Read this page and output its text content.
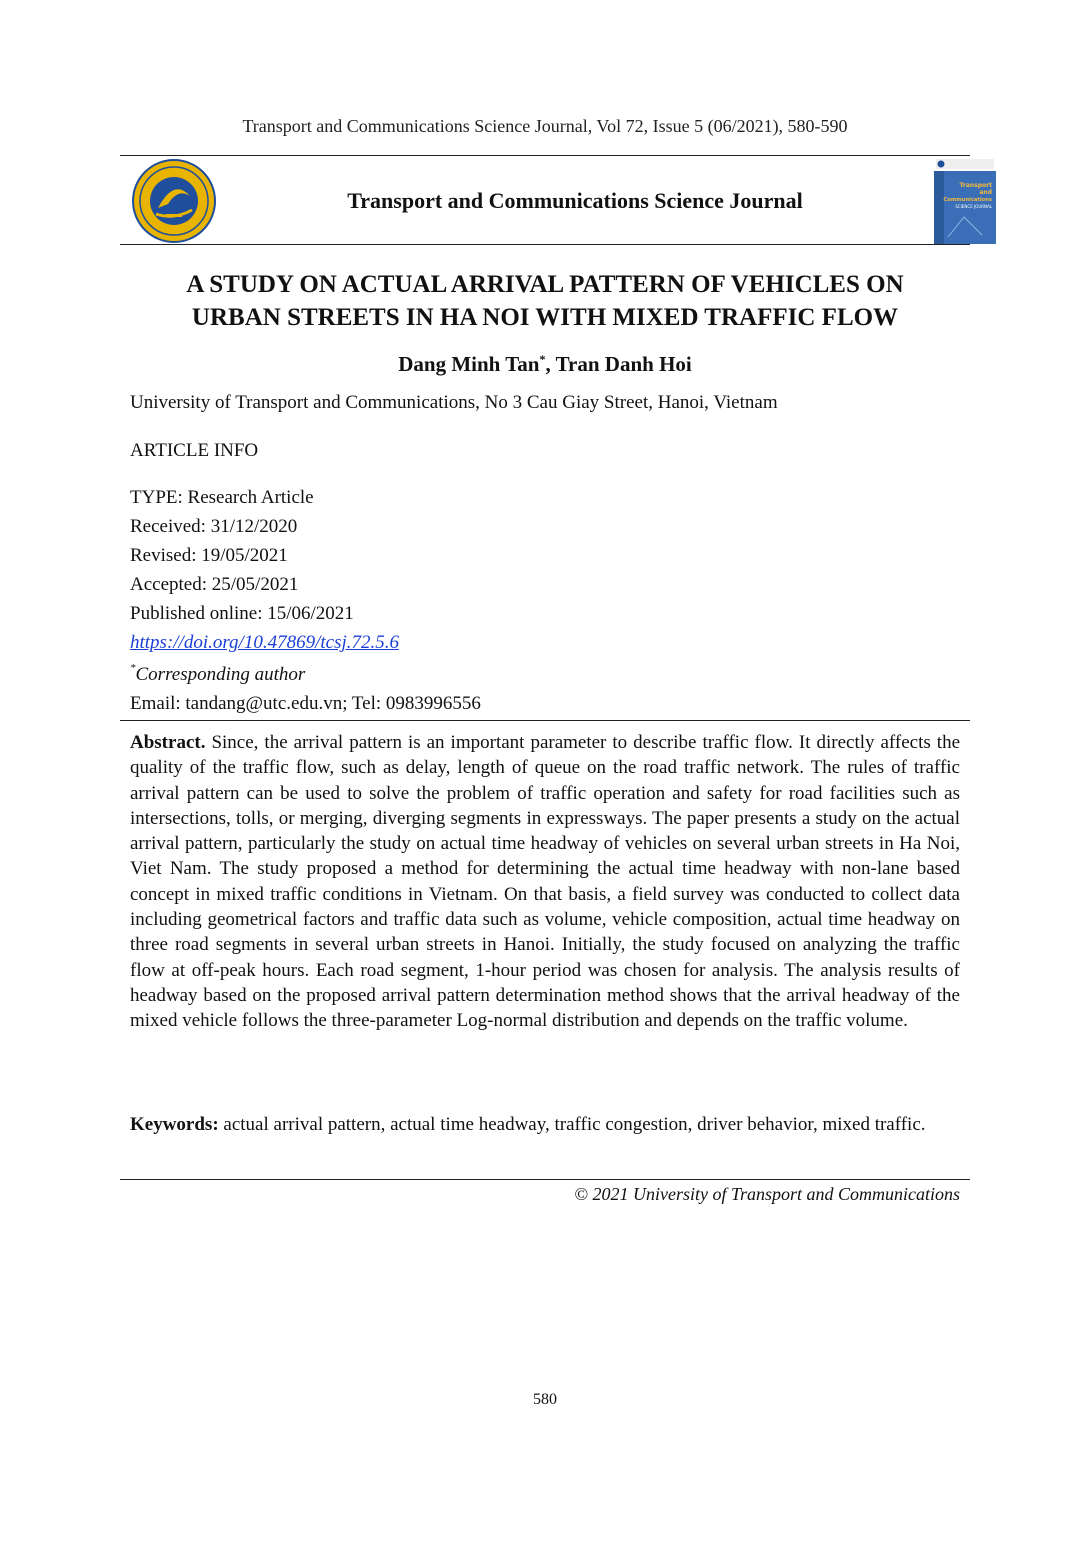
Transport and Communications Science Journal, Vol 72, Issue 5 (06/2021), 580-590
Transport and Communications Science Journal
Transport
and
Communications
SCIENCE JOURNAL
A STUDY ON ACTUAL ARRIVAL PATTERN OF VEHICLES ON
URBAN STREETS IN HA NOI WITH MIXED TRAFFIC FLOW
Dang Minh Tan*, Tran Danh Hoi
University of Transport and Communications, No 3 Cau Giay Street, Hanoi, Vietnam
ARTICLE INFO
TYPE: Research Article
Received: 31/12/2020
Revised: 19/05/2021
Accepted: 25/05/2021
Published online: 15/06/2021
https://doi.org/10.47869/tcsj.72.5.6
*Corresponding author
Email: tandang@utc.edu.vn; Tel: 0983996556
Abstract. Since, the arrival pattern is an important parameter to describe traffic flow. It directly affects the quality of the traffic flow, such as delay, length of queue on the road traffic network. The rules of traffic arrival pattern can be used to solve the problem of traffic operation and safety for road facilities such as intersections, tolls, or merging, diverging segments in expressways. The paper presents a study on the actual arrival pattern, particularly the study on actual time headway of vehicles on several urban streets in Ha Noi, Viet Nam. The study proposed a method for determining the actual time headway with non-lane based concept in mixed traffic conditions in Vietnam. On that basis, a field survey was conducted to collect data including geometrical factors and traffic data such as volume, vehicle composition, actual time headway on three road segments in several urban streets in Hanoi. Initially, the study focused on analyzing the traffic flow at off-peak hours. Each road segment, 1-hour period was chosen for analysis. The analysis results of headway based on the proposed arrival pattern determination method shows that the arrival headway of the mixed vehicle follows the three-parameter Log-normal distribution and depends on the traffic volume.
Keywords: actual arrival pattern, actual time headway, traffic congestion, driver behavior, mixed traffic.
© 2021 University of Transport and Communications
580
